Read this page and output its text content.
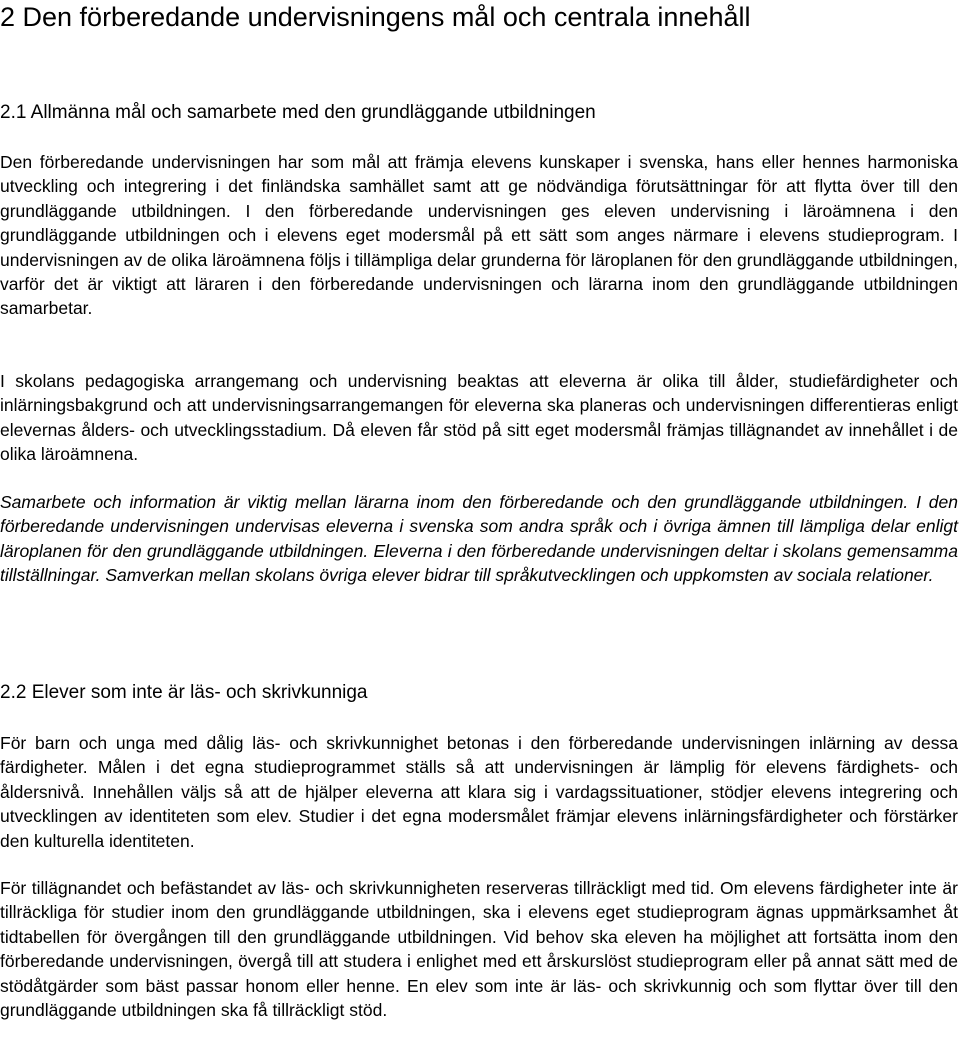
2 Den förberedande undervisningens mål och centrala innehåll
2.1 Allmänna mål och samarbete med den grundläggande utbildningen

Den förberedande undervisningen har som mål att främja elevens kunskaper i svenska, hans eller hennes harmoniska utveckling och integrering i det finländska samhället samt att ge nödvändiga förutsättningar för att flytta över till den grundläggande utbildningen. I den förberedande undervisningen ges eleven undervisning i läroämnena i den grundläggande utbildningen och i elevens eget modersmål på ett sätt som anges närmare i elevens studieprogram. I undervisningen av de olika läroämnena följs i tillämpliga delar grunderna för läroplanen för den grundläggande utbildningen, varför det är viktigt att läraren i den förberedande undervisningen och lärarna inom den grundläggande utbildningen samarbetar.

I skolans pedagogiska arrangemang och undervisning beaktas att eleverna är olika till ålder, studiefärdigheter och inlärningsbakgrund och att undervisningsarrangemangen för eleverna ska planeras och undervisningen differentieras enligt elevernas ålders- och utvecklingsstadium. Då eleven får stöd på sitt eget modersmål främjas tillägnandet av innehållet i de olika läroämnena.

Samarbete och information är viktig mellan lärarna inom den förberedande och den grundläggande utbildningen. I den förberedande undervisningen undervisas eleverna i svenska som andra språk och i övriga ämnen till lämpliga delar enligt läroplanen för den grundläggande utbildningen. Eleverna i den förberedande undervisningen deltar i skolans gemensamma tillställningar. Samverkan mellan skolans övriga elever bidrar till språkutvecklingen och uppkomsten av sociala relationer.

2.2 Elever som inte är läs- och skrivkunniga

För barn och unga med dålig läs- och skrivkunnighet betonas i den förberedande undervisningen inlärning av dessa färdigheter. Målen i det egna studieprogrammet ställs så att undervisningen är lämplig för elevens färdighets- och åldersnivå. Innehållen väljs så att de hjälper eleverna att klara sig i vardagssituationer, stödjer elevens integrering och utvecklingen av identiteten som elev. Studier i det egna modersmålet främjar elevens inlärningsfärdigheter och förstärker den kulturella identiteten.

För tillägnandet och befästandet av läs- och skrivkunnigheten reserveras tillräckligt med tid. Om elevens färdigheter inte är tillräckliga för studier inom den grundläggande utbildningen, ska i elevens eget studieprogram ägnas uppmärksamhet åt tidtabellen för övergången till den grundläggande utbildningen. Vid behov ska eleven ha möjlighet att fortsätta inom den förberedande undervisningen, övergå till att studera i enlighet med ett årskurslöst studieprogram eller på annat sätt med de stödåtgärder som bäst passar honom eller henne. En elev som inte är läs- och skrivkunnig och som flyttar över till den grundläggande utbildningen ska få tillräckligt stöd.
